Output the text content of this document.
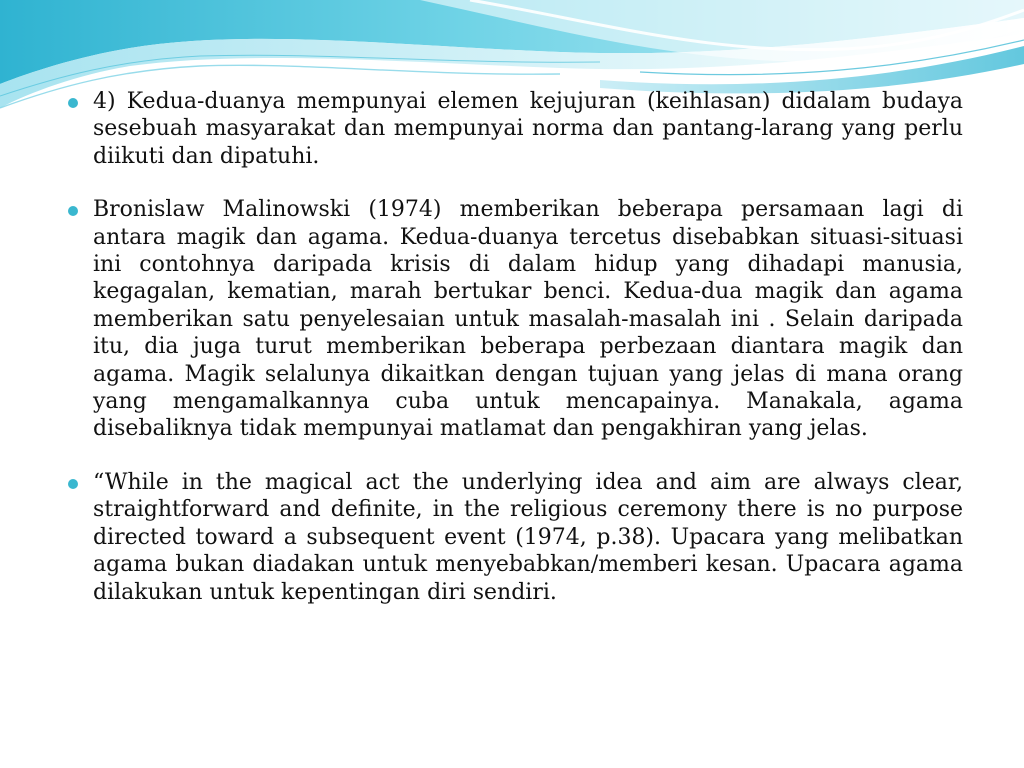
4) Kedua-duanya mempunyai elemen kejujuran (keihlasan) didalam budaya sesebuah masyarakat dan mempunyai norma dan pantang-larang yang perlu diikuti dan dipatuhi.
Bronislaw Malinowski (1974) memberikan beberapa persamaan lagi di antara magik dan agama. Kedua-duanya tercetus disebabkan situasi-situasi ini contohnya daripada krisis di dalam hidup yang dihadapi manusia, kegagalan, kematian, marah bertukar benci. Kedua-dua magik dan agama memberikan satu penyelesaian untuk masalah-masalah ini . Selain daripada itu, dia juga turut memberikan beberapa perbezaan diantara magik dan agama. Magik selalunya dikaitkan dengan tujuan yang jelas di mana orang yang mengamalkannya cuba untuk mencapainya. Manakala, agama disebaliknya tidak mempunyai matlamat dan pengakhiran yang jelas.
“While in the magical act the underlying idea and aim are always clear, straightforward and definite, in the religious ceremony there is no purpose directed toward a subsequent event (1974, p.38). Upacara yang melibatkan agama bukan diadakan untuk menyebabkan/memberi kesan. Upacara agama dilakukan untuk kepentingan diri sendiri.
